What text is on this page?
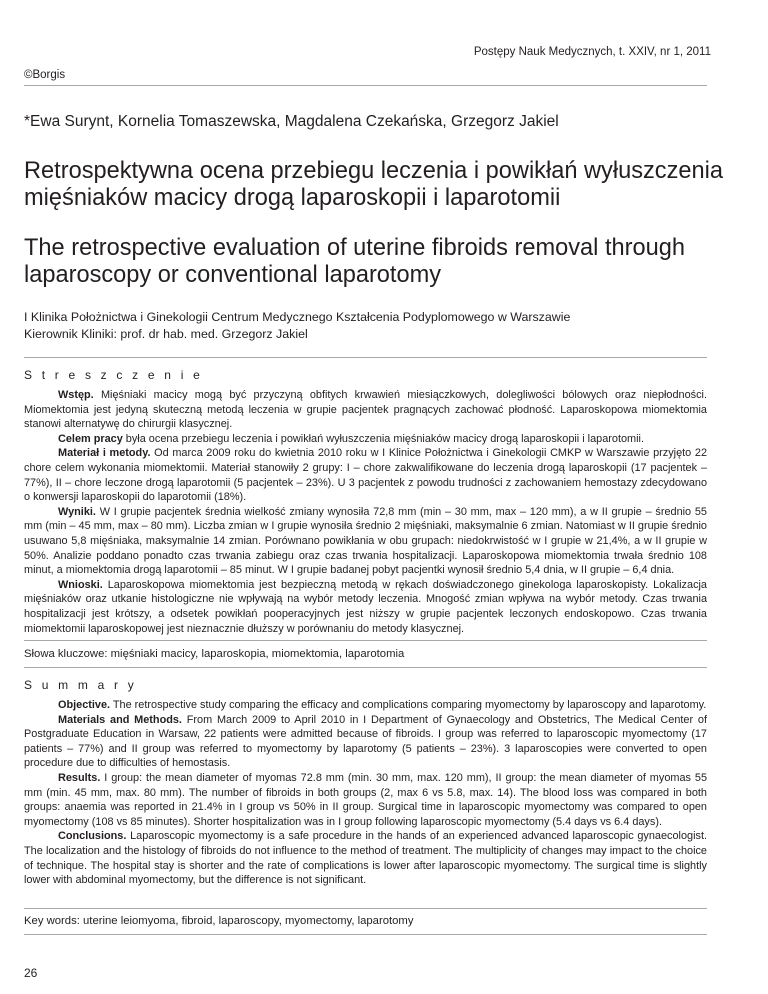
Postępy Nauk Medycznych, t. XXIV, nr 1, 2011
©Borgis
*Ewa Surynt, Kornelia Tomaszewska, Magdalena Czekańska, Grzegorz Jakiel
Retrospektywna ocena przebiegu leczenia i powikłań wyłuszczenia mięśniaków macicy drogą laparoskopii i laparotomii
The retrospective evaluation of uterine fibroids removal through laparoscopy or conventional laparotomy
I Klinika Położnictwa i Ginekologii Centrum Medycznego Kształcenia Podyplomowego w Warszawie
Kierownik Kliniki: prof. dr hab. med. Grzegorz Jakiel
S t r e s z c z e n i e

Wstęp. Mięśniaki macicy mogą być przyczyną obfitych krwawień miesiączkowych, dolegliwości bólowych oraz niepłodności. Miomektomia jest jedyną skuteczną metodą leczenia w grupie pacjentek pragnących zachować płodność. Laparoskopowa miomektomia stanowi alternatywę do chirurgii klasycznej.

Celem pracy była ocena przebiegu leczenia i powikłań wyłuszczenia mięśniaków macicy drogą laparoskopii i laparotomii.

Materiał i metody. Od marca 2009 roku do kwietnia 2010 roku w I Klinice Położnictwa i Ginekologii CMKP w Warszawie przyjęto 22 chore celem wykonania miomektomii. Materiał stanowiły 2 grupy: I – chore zakwalifikowane do leczenia drogą laparoskopii (17 pacjentek – 77%), II – chore leczone drogą laparotomii (5 pacjentek – 23%). U 3 pacjentek z powodu trudności z zachowaniem hemostazy zdecydowano o konwersji laparoskopii do laparotomii (18%).

Wyniki. W I grupie pacjentek średnia wielkość zmiany wynosiła 72,8 mm (min – 30 mm, max – 120 mm), a w II grupie – średnio 55 mm (min – 45 mm, max – 80 mm). Liczba zmian w I grupie wynosiła średnio 2 mięśniaki, maksymalnie 6 zmian. Natomiast w II grupie średnio usuwano 5,8 mięśniaka, maksymalnie 14 zmian. Porównano powikłania w obu grupach: niedokrwistość w I grupie w 21,4%, a w II grupie w 50%. Analizie poddano ponadto czas trwania zabiegu oraz czas trwania hospitalizacji. Laparoskopowa miomektomia trwała średnio 108 minut, a miomektomia drogą laparotomii – 85 minut. W I grupie badanej pobyt pacjentki wynosił średnio 5,4 dnia, w II grupie – 6,4 dnia.

Wnioski. Laparoskopowa miomektomia jest bezpieczną metodą w rękach doświadczonego ginekologa laparoskopisty. Lokalizacja mięśniaków oraz utkanie histologiczne nie wpływają na wybór metody leczenia. Mnogość zmian wpływa na wybór metody. Czas trwania hospitalizacji jest krótszy, a odsetek powikłań pooperacyjnych jest niższy w grupie pacjentek leczonych endoskopowo. Czas trwania miomektomii laparoskopowej jest nieznacznie dłuższy w porównaniu do metody klasycznej.

Słowa kluczowe: mięśniaki macicy, laparoskopia, miomektomia, laparotomia
S u m m a r y

Objective. The retrospective study comparing the efficacy and complications comparing myomectomy by laparoscopy and laparotomy.

Materials and Methods. From March 2009 to April 2010 in I Department of Gynaecology and Obstetrics, The Medical Center of Postgraduate Education in Warsaw, 22 patients were admitted because of fibroids. I group was referred to laparoscopic myomectomy (17 patients – 77%) and II group was referred to myomectomy by laparotomy (5 patients – 23%). 3 laparoscopies were converted to open procedure due to difficulties of hemostasis.

Results. I group: the mean diameter of myomas 72.8 mm (min. 30 mm, max. 120 mm), II group: the mean diameter of myomas 55 mm (min. 45 mm, max. 80 mm). The number of fibroids in both groups (2, max 6 vs 5.8, max. 14). The blood loss was compared in both groups: anaemia was reported in 21.4% in I group vs 50% in II group. Surgical time in laparoscopic myomectomy was compared to open myomectomy (108 vs 85 minutes). Shorter hospitalization was in I group following laparoscopic myomectomy (5.4 days vs 6.4 days).

Conclusions. Laparoscopic myomectomy is a safe procedure in the hands of an experienced advanced laparoscopic gynaecologist. The localization and the histology of fibroids do not influence to the method of treatment. The multiplicity of changes may impact to the choice of technique. The hospital stay is shorter and the rate of complications is lower after laparoscopic myomectomy. The surgical time is slightly lower with abdominal myomectomy, but the difference is not significant.

Key words: uterine leiomyoma, fibroid, laparoscopy, myomectomy, laparotomy
26
